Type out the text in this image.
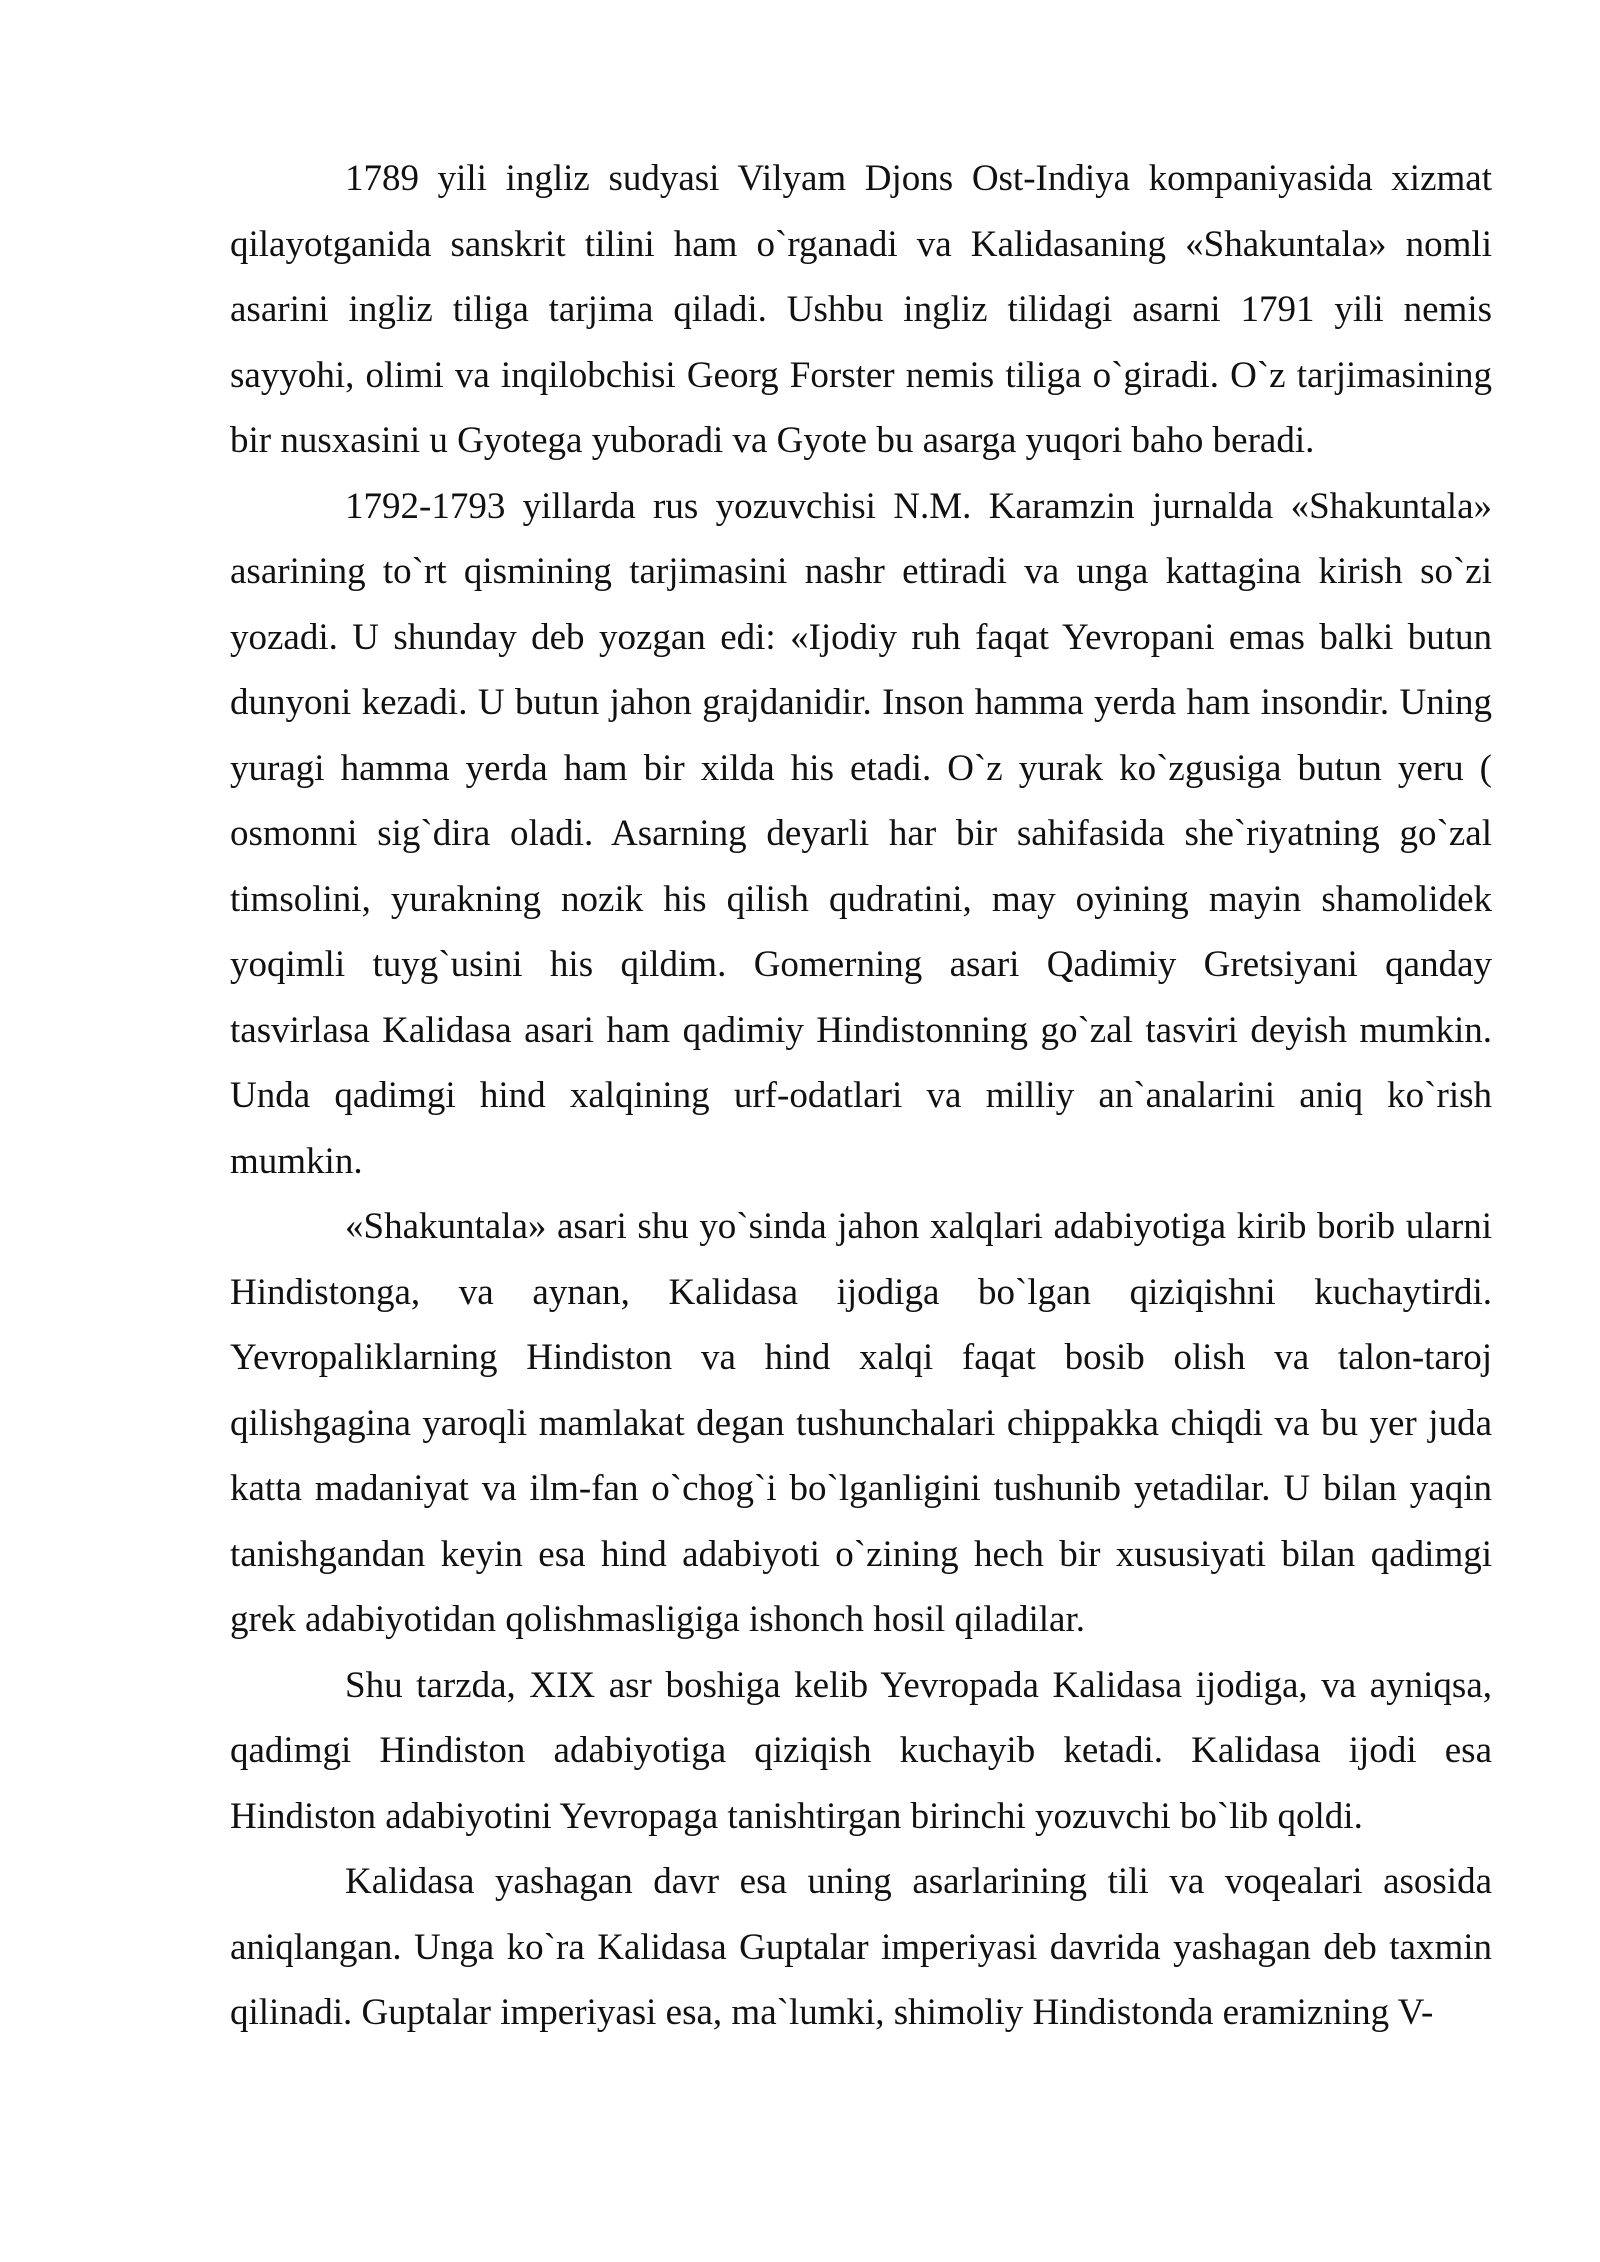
1789 yili ingliz sudyasi Vilyam Djons Ost-Indiya kompaniyasida xizmat qilayotganida sanskrit tilini ham o`rganadi va Kalidasaning «Shakuntala» nomli asarini ingliz tiliga tarjima qiladi. Ushbu ingliz tilidagi asarni 1791 yili nemis sayyohi, olimi va inqilobchisi Georg Forster nemis tiliga o`giradi. O`z tarjimasining bir nusxasini u Gyotega yuboradi va Gyote bu asarga yuqori baho beradi.

1792-1793 yillarda rus yozuvchisi N.M. Karamzin jurnalda «Shakuntala» asarining to`rt qismining tarjimasini nashr ettiradi va unga kattagina kirish so`zi yozadi. U shunday deb yozgan edi: «Ijodiy ruh faqat Yevropani emas balki butun dunyoni kezadi. U butun jahon grajdanidir. Inson hamma yerda ham insondir. Uning yuragi hamma yerda ham bir xilda his etadi. O`z yurak ko`zgusiga butun yeru ( osmonni sig`dira oladi. Asarning deyarli har bir sahifasida she`riyatning go`zal timsolini, yurakning nozik his qilish qudratini, may oyining mayin shamolidek yoqimli tuyg`usini his qildim. Gomerning asari Qadimiy Gretsiyani qanday tasvirlasa Kalidasa asari ham qadimiy Hindistonning go`zal tasviri deyish mumkin. Unda qadimgi hind xalqining urf-odatlari va milliy an`analarini aniq ko`rish mumkin.

«Shakuntala» asari shu yo`sinda jahon xalqlari adabiyotiga kirib borib ularni Hindistonga, va aynan, Kalidasa ijodiga bo`lgan qiziqishni kuchaytirdi. Yevropaliklarning Hindiston va hind xalqi faqat bosib olish va talon-taroj qilishgagina yaroqli mamlakat degan tushunchalari chippakka chiqdi va bu yer juda katta madaniyat va ilm-fan o`chog`i bo`lganligini tushunib yetadilar. U bilan yaqin tanishgandan keyin esa hind adabiyoti o`zining hech bir xususiyati bilan qadimgi grek adabiyotidan qolishmasligiga ishonch hosil qiladilar.

Shu tarzda, XIX asr boshiga kelib Yevropada Kalidasa ijodiga, va ayniqsa, qadimgi Hindiston adabiyotiga qiziqish kuchayib ketadi. Kalidasa ijodi esa Hindiston adabiyotini Yevropaga tanishtirgan birinchi yozuvchi bo`lib qoldi.

Kalidasa yashagan davr esa uning asarlarining tili va voqealari asosida aniqlangan. Unga ko`ra Kalidasa Guptalar imperiyasi davrida yashagan deb taxmin qilinadi. Guptalar imperiyasi esa, ma`lumki, shimoliy Hindistonda eramizning V-
